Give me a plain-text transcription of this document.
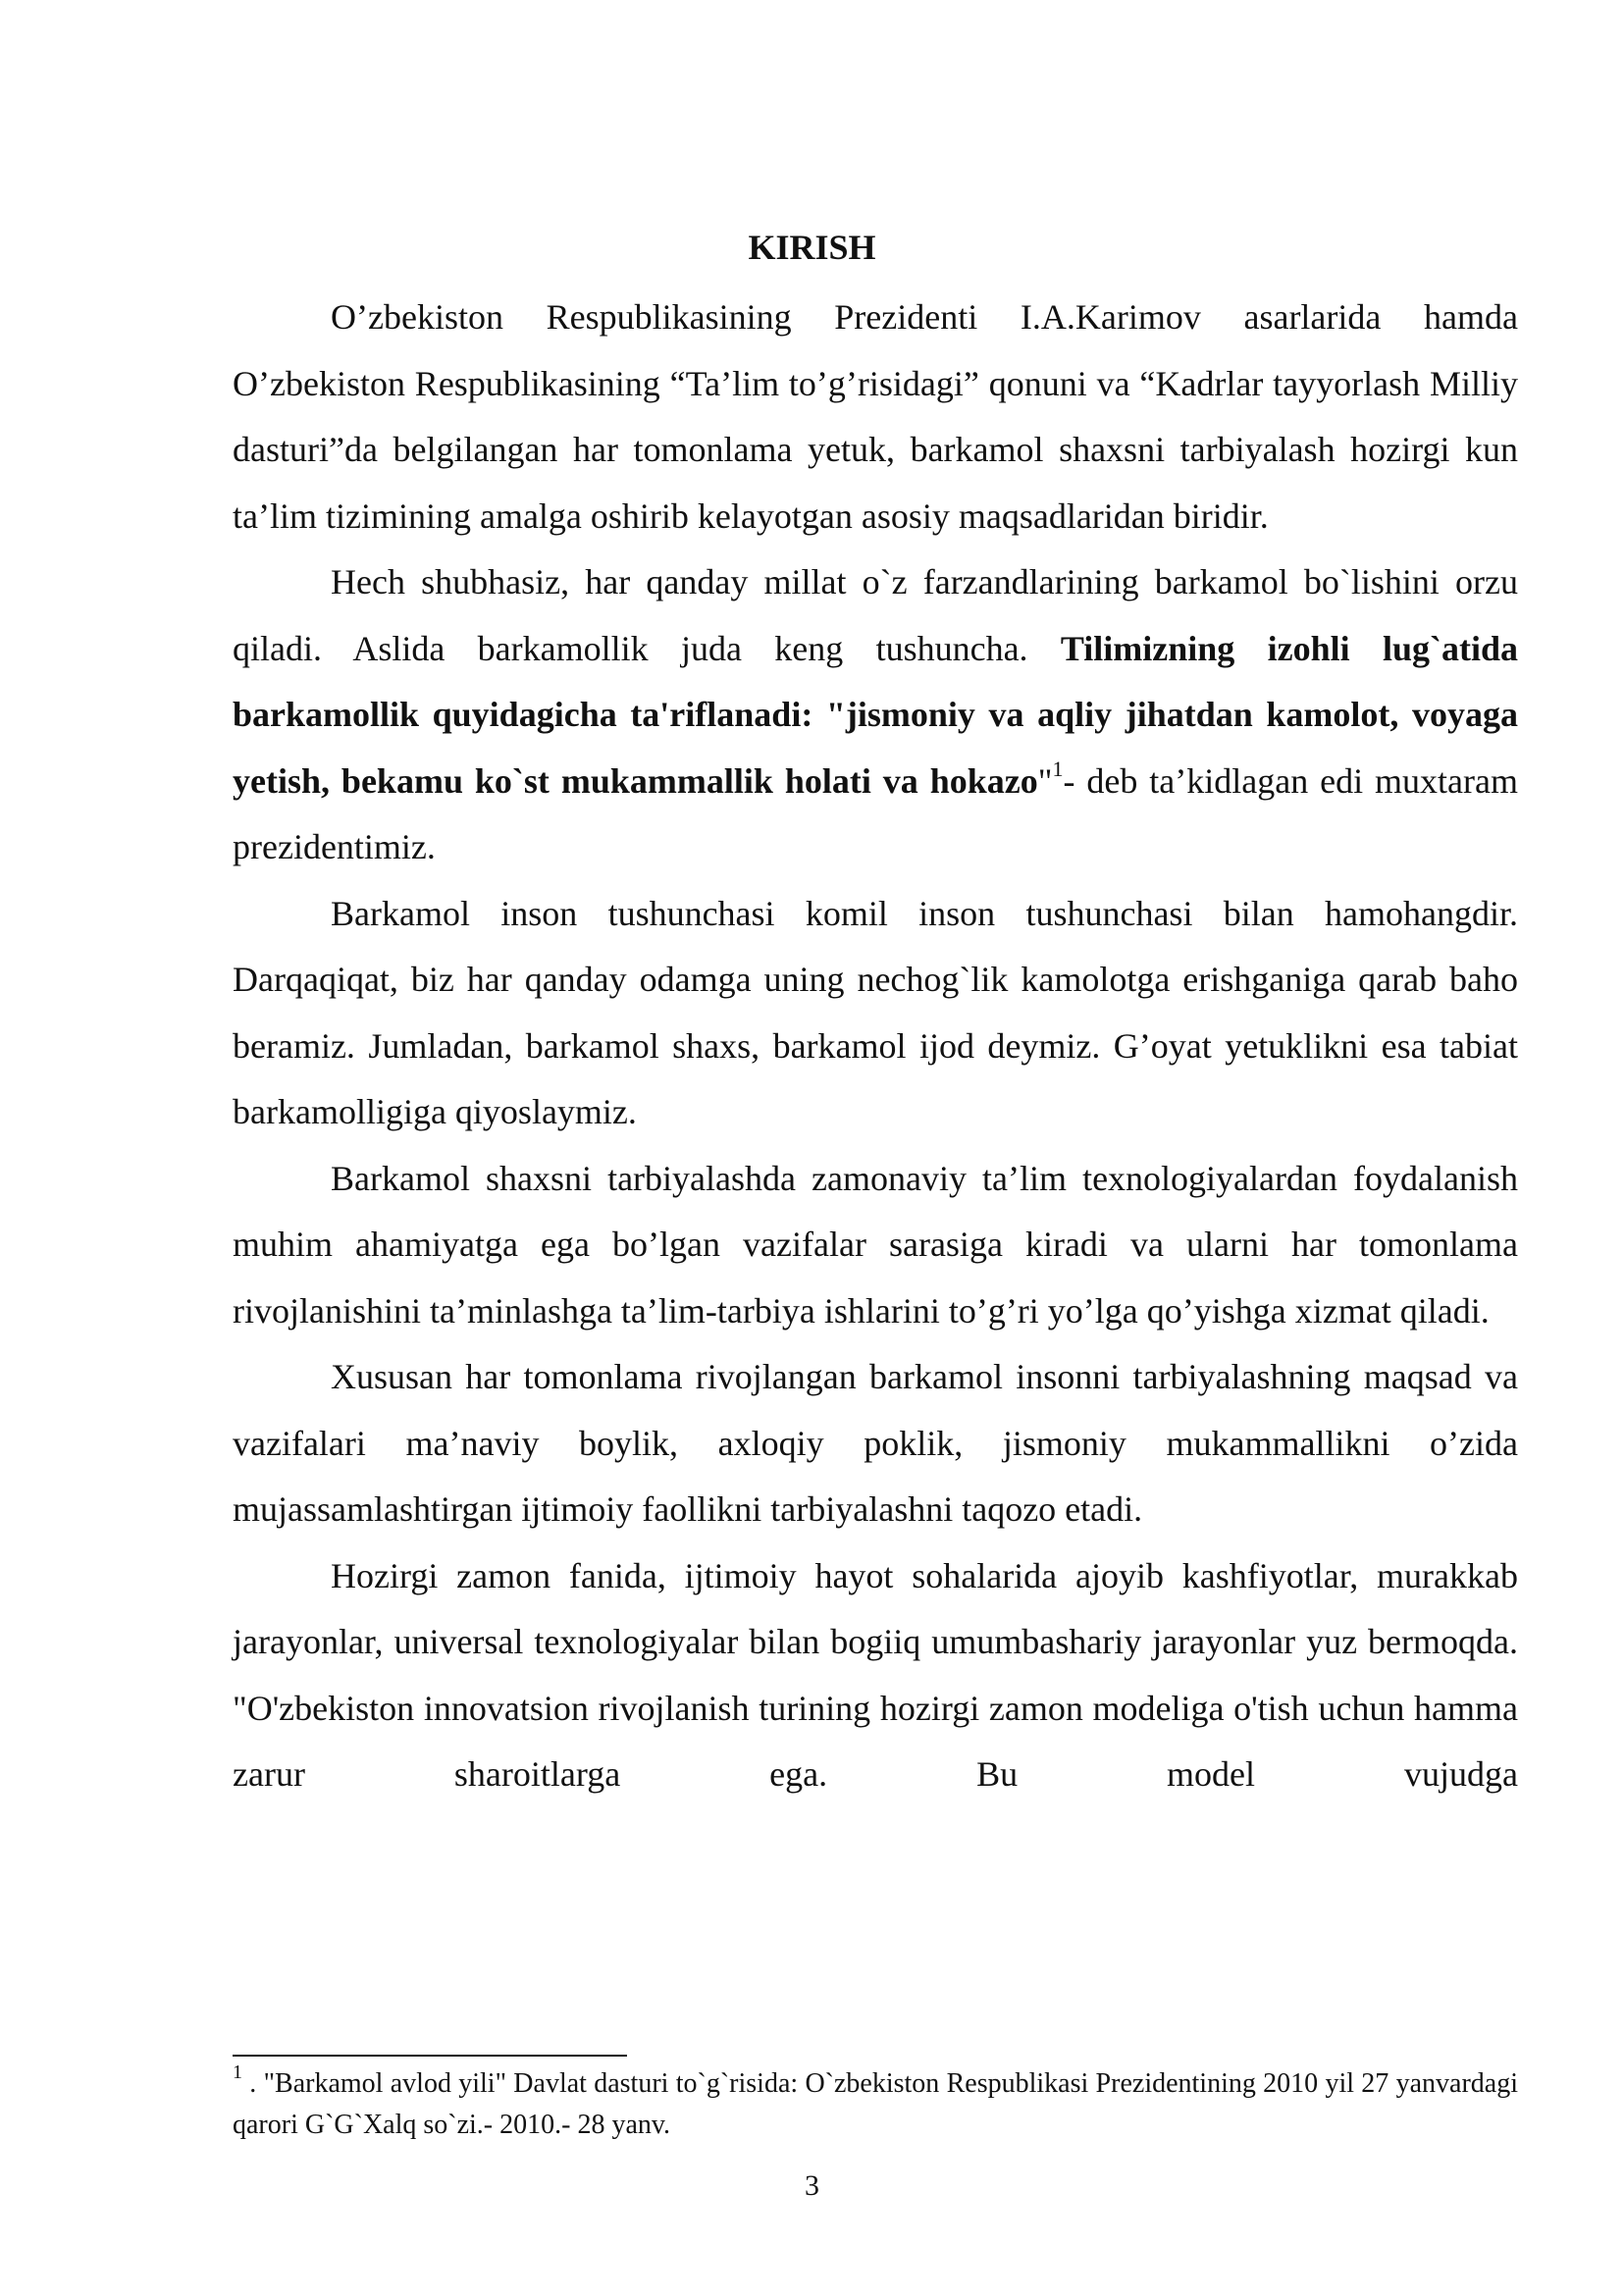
KIRISH

O’zbekiston Respublikasining Prezidenti I.A.Karimov asarlarida hamda O’zbekiston Respublikasining “Ta’lim to’g’risidagi” qonuni va “Kadrlar tayyorlash Milliy dasturi”da belgilangan har tomonlama yetuk, barkamol shaxsni tarbiyalash hozirgi kun ta’lim tizimining amalga oshirib kelayotgan asosiy maqsadlaridan biridir.

Hech shubhasiz, har qanday millat o`z farzandlarining barkamol bo`lishini orzu qiladi. Aslida barkamollik juda keng tushuncha. Tilimizning izohli lug`atida barkamollik quyidagicha ta'riflanadi: "jismoniy va aqliy jihatdan kamolot, voyaga yetish, bekamu ko`st mukammallik holati va hokazo"$^1$- deb ta’kidlagan edi muxtaram prezidentimiz.

Barkamol inson tushunchasi komil inson tushunchasi bilan hamohangdir. Darqaqiqat, biz har qanday odamga uning nechog`lik kamolotga erishganiga qarab baho beramiz. Jumladan, barkamol shaxs, barkamol ijod deymiz. G’oyat yetuklikni esa tabiat barkamolligiga qiyoslaymiz.

Barkamol shaxsni tarbiyalashda zamonaviy ta’lim texnologiyalardan foydalanish muhim ahamiyatga ega bo’lgan vazifalar sarasiga kiradi va ularni har tomonlama rivojlanishini ta’minlashga ta’lim-tarbiya ishlarini to’g’ri yo’lga qo’yishga xizmat qiladi.

Xususan har tomonlama rivojlangan barkamol insonni tarbiyalashning maqsad va vazifalari ma’naviy boylik, axloqiy poklik, jismoniy mukammallikni o’zida mujassamlashtirgan ijtimoiy faollikni tarbiyalashni taqozo etadi.

Hozirgi zamon fanida, ijtimoiy hayot sohalarida ajoyib kashfiyotlar, murakkab jarayonlar, universal texnologiyalar bilan bogiiq umumbashariy jarayonlar yuz bermoqda. "O'zbekiston innovatsion rivojlanish turining hozirgi zamon modeliga o'tish uchun hamma zarur sharoitlarga ega. Bu model vujudga

$^1$ . "Barkamol avlod yili" Davlat dasturi to`g`risida: O`zbekiston Respublikasi Prezidentining 2010 yil 27 yanvardagi qarori G`G`Xalq so`zi.- 2010.- 28 yanv.

3
